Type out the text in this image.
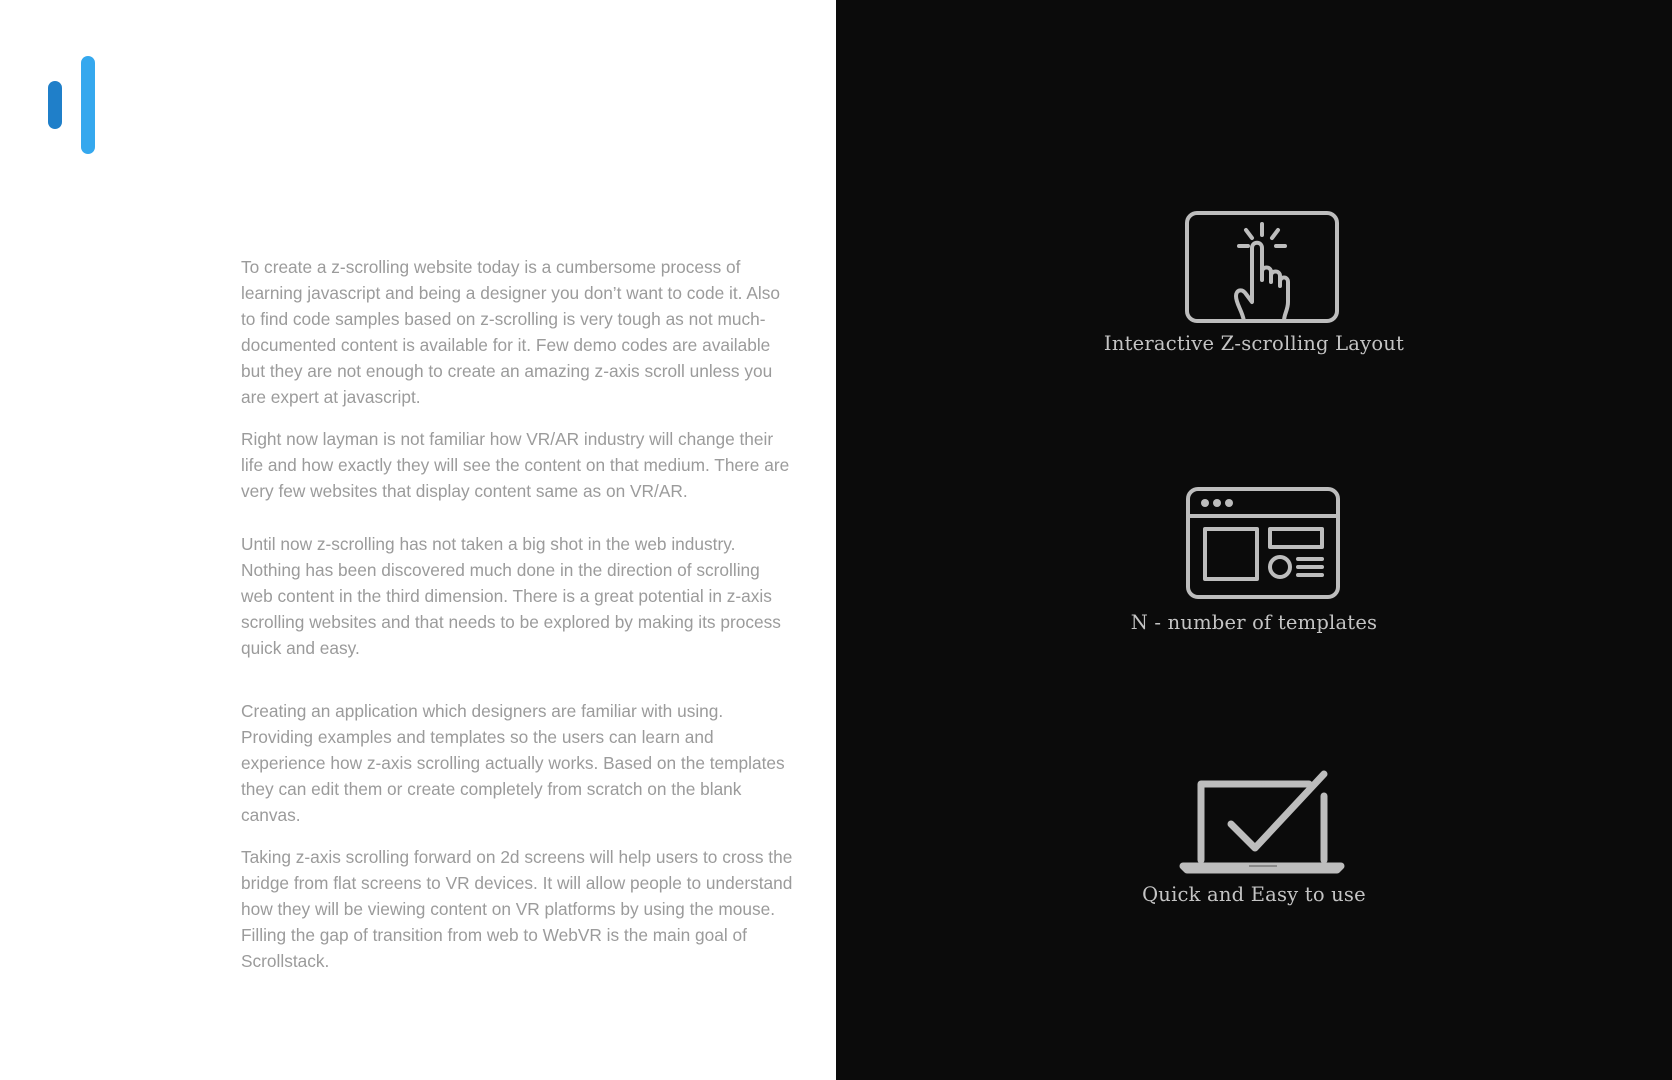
To create a z-scrolling website today is a cumbersome process of learning javascript and being a designer you don’t want to code it. Also to find code samples based on z-scrolling is very tough as not much-documented content is available for it. Few demo codes are available but they are not enough to create an amazing z-axis scroll unless you are expert at javascript.

Right now layman is not familiar how VR/AR industry will change their life and how exactly they will see the content on that medium. There are very few websites that display content same as on VR/AR.

Until now z-scrolling has not taken a big shot in the web industry. Nothing has been discovered much done in the direction of scrolling web content in the third dimension. There is a great potential in z-axis scrolling websites and that needs to be explored by making its process quick and easy.

Creating an application which designers are familiar with using. Providing examples and templates so the users can learn and experience how z-axis scrolling actually works. Based on the templates they can edit them or create completely from scratch on the blank canvas.

Taking z-axis scrolling forward on 2d screens will help users to cross the bridge from flat screens to VR devices. It will allow people to understand how they will be viewing content on VR platforms by using the mouse. Filling the gap of transition from web to WebVR is the main goal of Scrollstack.

Interactive Z-scrolling Layout
N - number of templates
Quick and Easy to use
